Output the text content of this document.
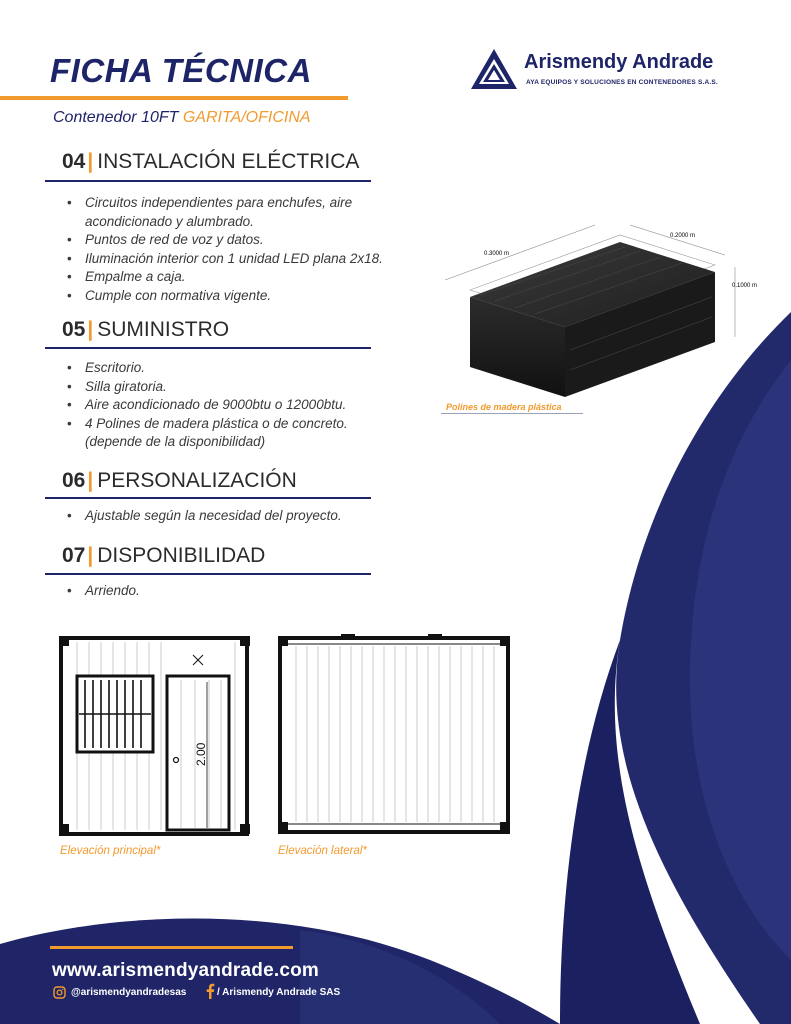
FICHA TÉCNICA
Contenedor 10FT GARITA/OFICINA
Arismendy Andrade
AYA EQUIPOS Y SOLUCIONES EN CONTENEDORES S.A.S.
04| INSTALACIÓN ELÉCTRICA
• Circuitos independientes para enchufes, aire acondicionado y alumbrado.
• Puntos de red de voz y datos.
• Iluminación interior con 1 unidad LED plana 2x18.
• Empalme a caja.
• Cumple con normativa vigente.
05| SUMINISTRO
• Escritorio.
• Silla giratoria.
• Aire acondicionado de 9000btu o 12000btu.
• 4 Polines de madera plástica o de concreto. (depende de la disponibilidad)
06| PERSONALIZACIÓN
• Ajustable según la necesidad del proyecto.
07| DISPONIBILIDAD
• Arriendo.
0.3000 m
0.2000 m
0.1000 m
Polines de madera plástica
2.00
Elevación principal*	Elevación lateral*
www.arismendyandrade.com
@arismendyandradesas	/ Arismendy Andrade SAS
